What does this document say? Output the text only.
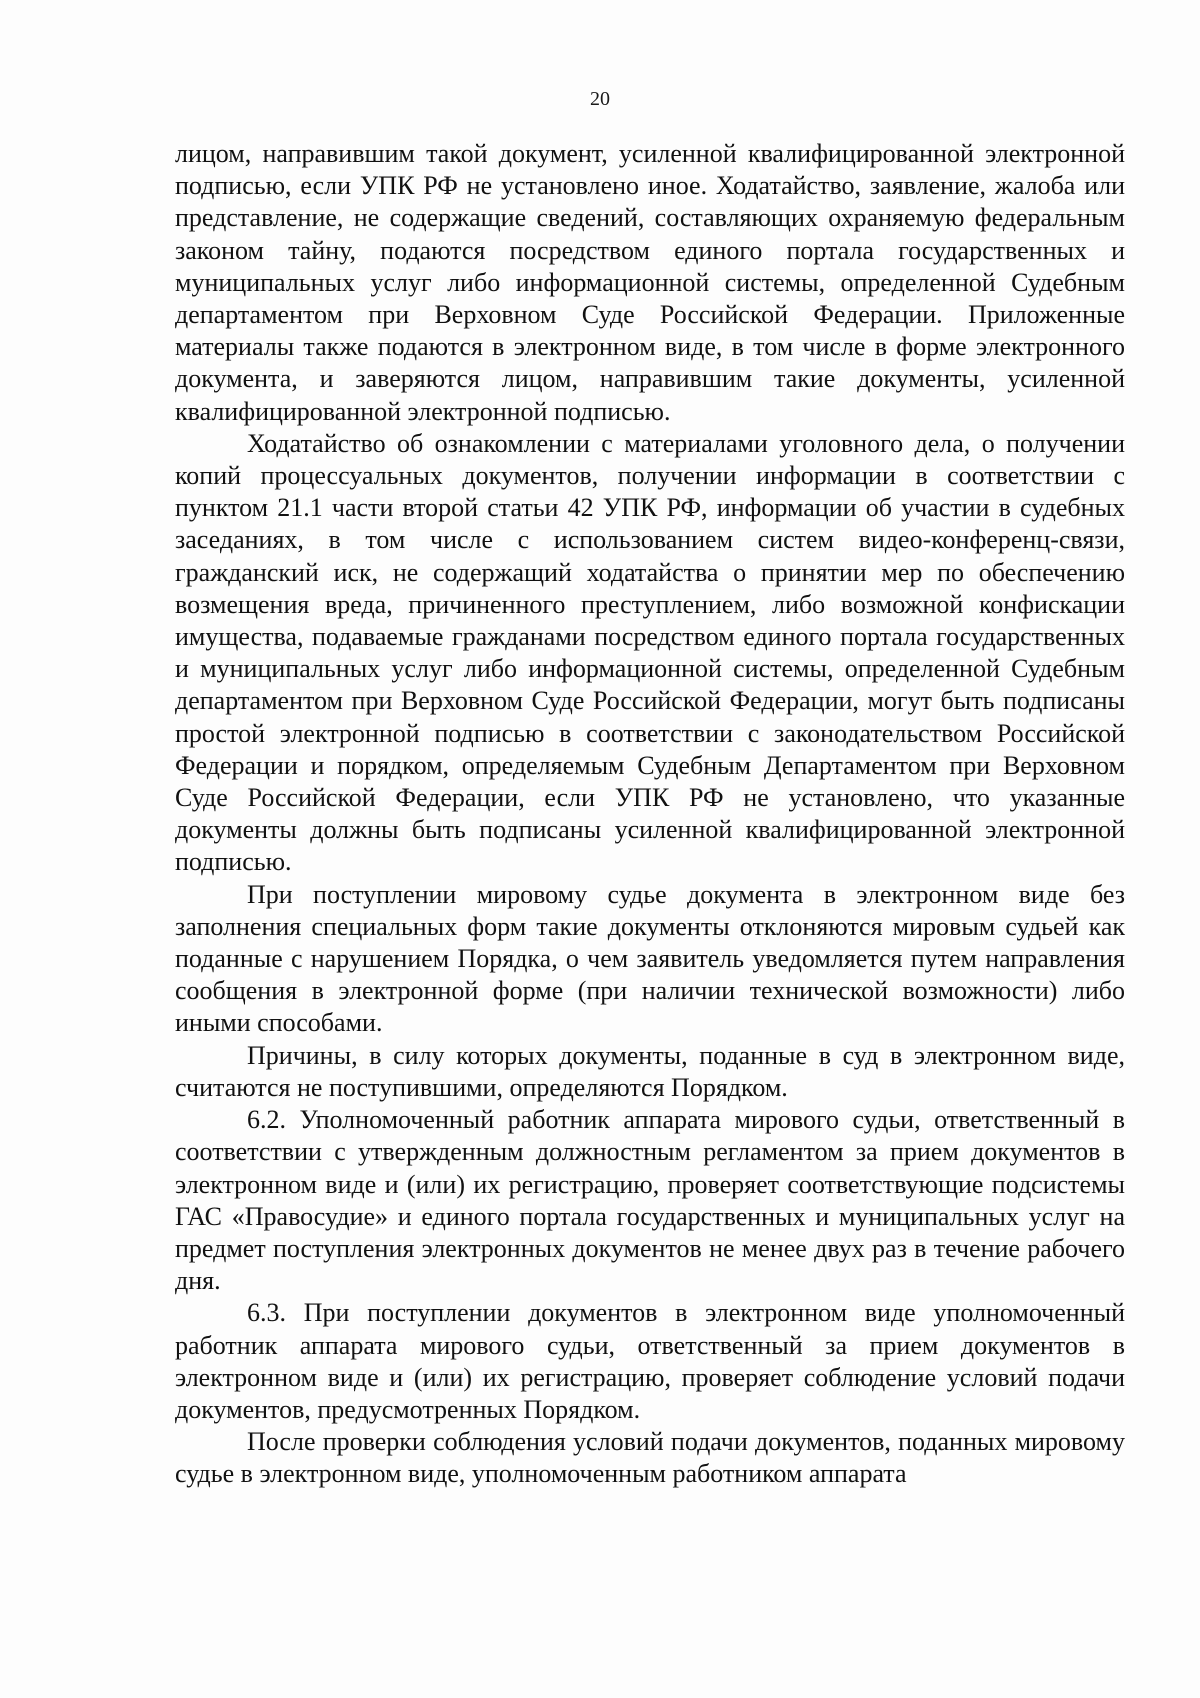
20

лицом, направившим такой документ, усиленной квалифицированной электронной подписью, если УПК РФ не установлено иное. Ходатайство, заявление, жалоба или представление, не содержащие сведений, составляющих охраняемую федеральным законом тайну, подаются посредством единого портала государственных и муниципальных услуг либо информационной системы, определенной Судебным департаментом при Верховном Суде Российской Федерации. Приложенные материалы также подаются в электронном виде, в том числе в форме электронного документа, и заверяются лицом, направившим такие документы, усиленной квалифицированной электронной подписью.

Ходатайство об ознакомлении с материалами уголовного дела, о получении копий процессуальных документов, получении информации в соответствии с пунктом 21.1 части второй статьи 42 УПК РФ, информации об участии в судебных заседаниях, в том числе с использованием систем видео-конференц-связи, гражданский иск, не содержащий ходатайства о принятии мер по обеспечению возмещения вреда, причиненного преступлением, либо возможной конфискации имущества, подаваемые гражданами посредством единого портала государственных и муниципальных услуг либо информационной системы, определенной Судебным департаментом при Верховном Суде Российской Федерации, могут быть подписаны простой электронной подписью в соответствии с законодательством Российской Федерации и порядком, определяемым Судебным Департаментом при Верховном Суде Российской Федерации, если УПК РФ не установлено, что указанные документы должны быть подписаны усиленной квалифицированной электронной подписью.

При поступлении мировому судье документа в электронном виде без заполнения специальных форм такие документы отклоняются мировым судьей как поданные с нарушением Порядка, о чем заявитель уведомляется путем направления сообщения в электронной форме (при наличии технической возможности) либо иными способами.

Причины, в силу которых документы, поданные в суд в электронном виде, считаются не поступившими, определяются Порядком.

6.2. Уполномоченный работник аппарата мирового судьи, ответственный в соответствии с утвержденным должностным регламентом за прием документов в электронном виде и (или) их регистрацию, проверяет соответствующие подсистемы ГАС «Правосудие» и единого портала государственных и муниципальных услуг на предмет поступления электронных документов не менее двух раз в течение рабочего дня.

6.3. При поступлении документов в электронном виде уполномоченный работник аппарата мирового судьи, ответственный за прием документов в электронном виде и (или) их регистрацию, проверяет соблюдение условий подачи документов, предусмотренных Порядком.

После проверки соблюдения условий подачи документов, поданных мировому судье в электронном виде, уполномоченным работником аппарата
